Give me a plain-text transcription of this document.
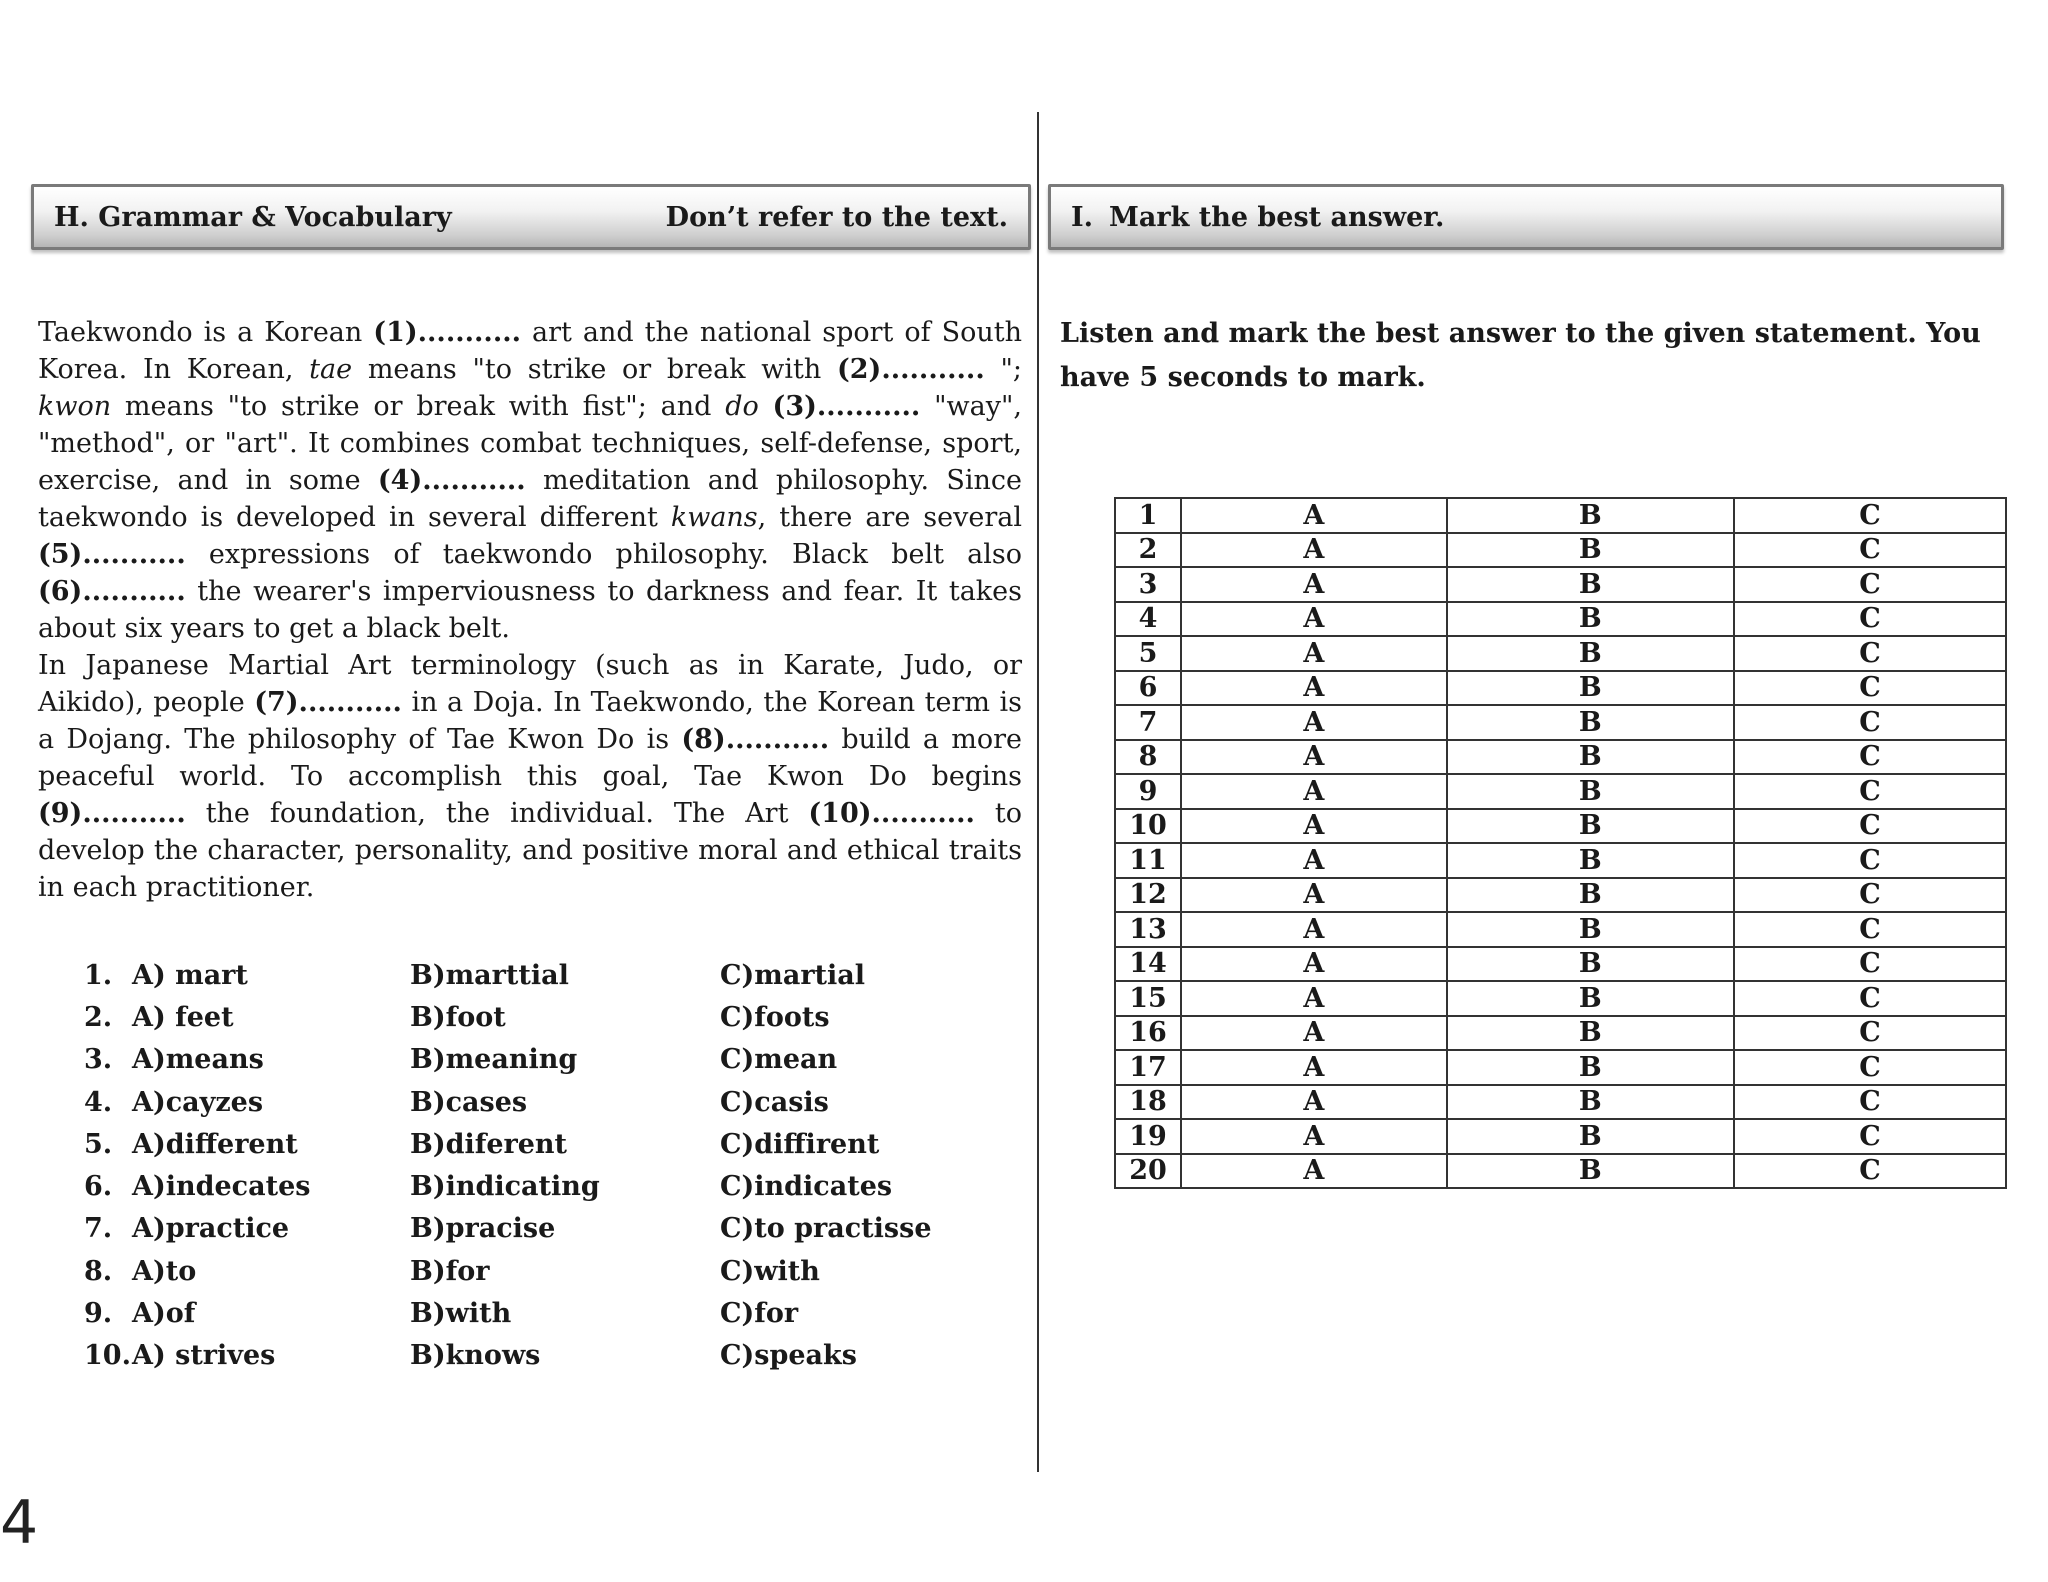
H. Grammar & Vocabulary	Don’t refer to the text. I. Mark the best answer.

Taekwondo is a Korean (1)........... art and the national sport of South Korea. In Korean, tae means "to strike or break with (2)........... "; kwon means "to strike or break with fist"; and do (3)........... "way", "method", or "art". It combines combat techniques, self-defense, sport, exercise, and in some (4)........... meditation and philosophy. Since taekwondo is developed in several different kwans, there are several (5)........... expressions of taekwondo philosophy. Black belt also (6)........... the wearer's imperviousness to darkness and fear. It takes about six years to get a black belt.

In Japanese Martial Art terminology (such as in Karate, Judo, or Aikido), people (7)........... in a Doja. In Taekwondo, the Korean term is a Dojang. The philosophy of Tae Kwon Do is (8)........... build a more peaceful world. To accomplish this goal, Tae Kwon Do begins (9)........... the foundation, the individual. The Art (10)........... to develop the character, personality, and positive moral and ethical traits in each practitioner.

1. A) mart	B)marttial	C)martial
2. A) feet	B)foot	C)foots
3. A)means	B)meaning	C)mean
4. A)cayzes	B)cases	C)casis
5. A)different	B)diferent	C)diffirent
6. A)indecates	B)indicating	C)indicates
7. A)practice	B)pracise	C)to practisse
8. A)to	B)for	C)with
9. A)of	B)with	C)for
10. A) strives	B)knows	C)speaks
Listen and mark the best answer to the given statement. You have 5 seconds to mark.
1	A	B	C
2	A	B	C
3	A	B	C
4	A	B	C
5	A	B	C
6	A	B	C
7	A	B	C
8	A	B	C
9	A	B	C
10	A	B	C
11	A	B	C
12	A	B	C
13	A	B	C
14	A	B	C
15	A	B	C
16	A	B	C
17	A	B	C
18	A	B	C
19	A	B	C
20	A	B	C
4
